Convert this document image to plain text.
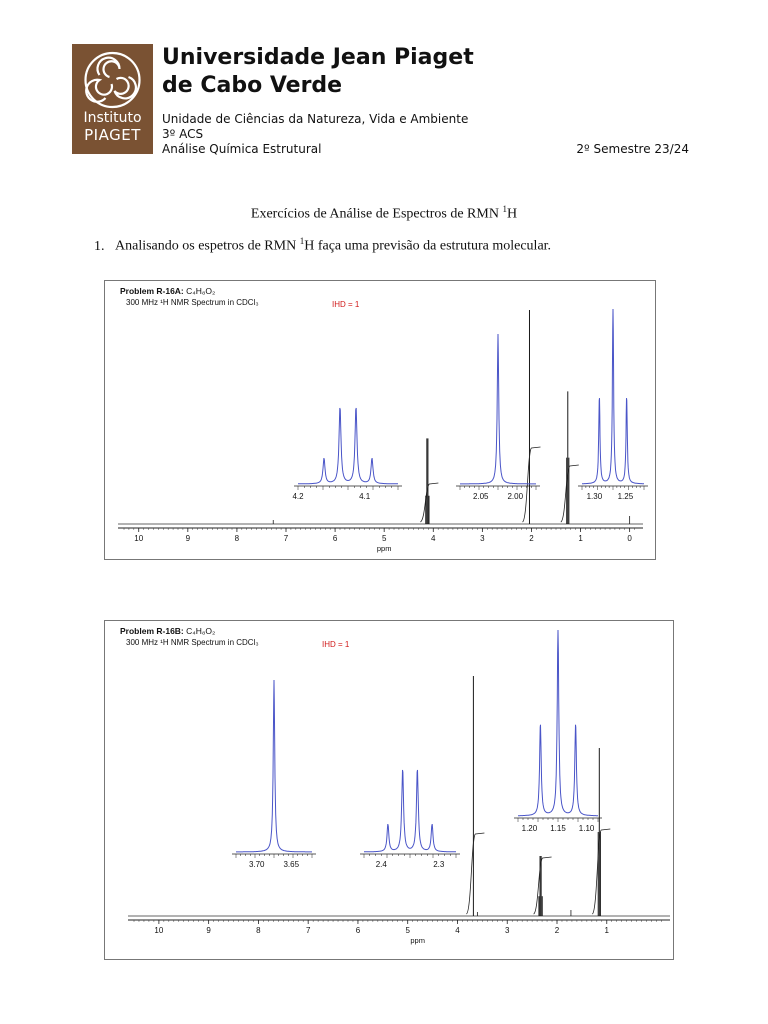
Instituto
PIAGET
Universidade Jean Piaget
de Cabo Verde
Unidade de Ciências da Natureza, Vida e Ambiente
3º ACS
Análise Química Estrutural	2º Semestre 23/24
Exercícios de Análise de Espectros de RMN $^1$H
1. Analisando os espetros de RMN $^1$H faça uma previsão da estrutura molecular.
Problem R-16A: C₄H₈O₂
300 MHz ¹H NMR Spectrum in CDCl₃	IHD = 1
10	9	8	7	6	5	4	3	2	1	0
ppm
4.2	4.1	2.05 2.00	1.30 1.25
Problem R-16B: C₄H₈O₂
300 MHz ¹H NMR Spectrum in CDCl₃	IHD = 1
10	9	8	7	6	5	4	3	2	1
ppm
3.70 3.65	2.4	2.3
1.20 1.15 1.10
